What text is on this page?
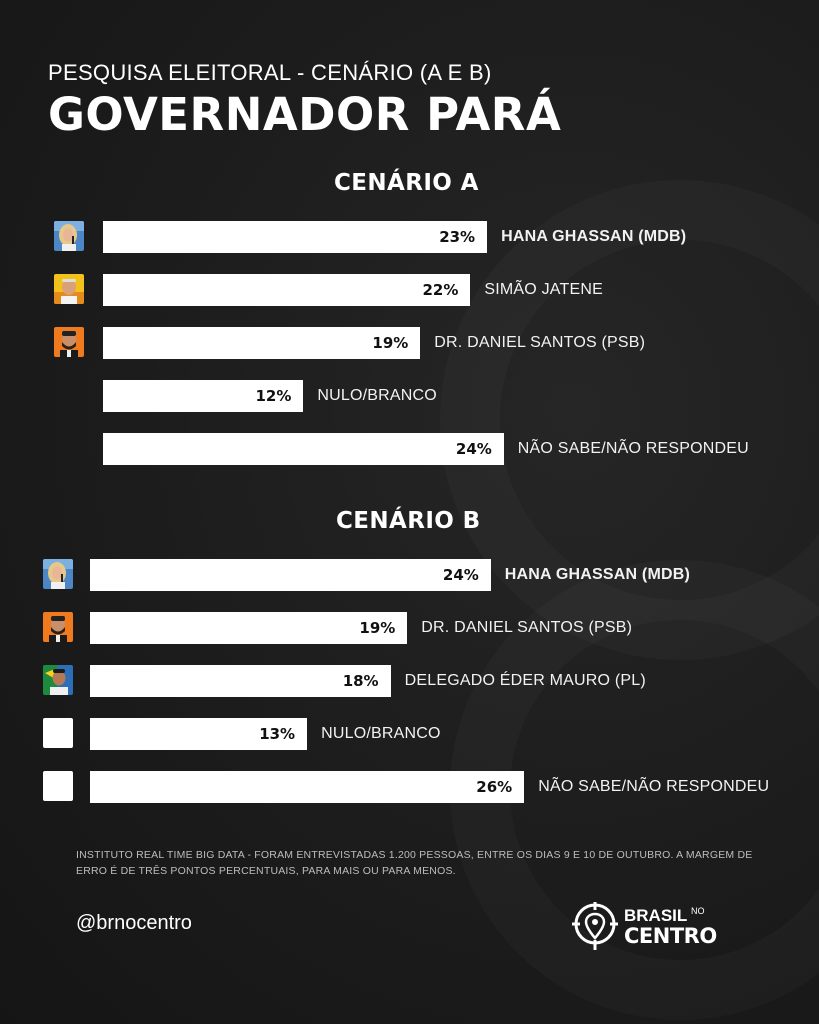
PESQUISA ELEITORAL - CENÁRIO (A E B)
GOVERNADOR PARÁ
CENÁRIO A
23% HANA GHASSAN (MDB)
22% SIMÃO JATENE
19% DR. DANIEL SANTOS (PSB)
12% NULO/BRANCO
24% NÃO SABE/NÃO RESPONDEU
CENÁRIO B
24% HANA GHASSAN (MDB)
19% DR. DANIEL SANTOS (PSB)
18% DELEGADO ÉDER MAURO (PL)
13% NULO/BRANCO
26% NÃO SABE/NÃO RESPONDEU
INSTITUTO REAL TIME BIG DATA - FORAM ENTREVISTADAS 1.200 PESSOAS, ENTRE OS DIAS 9 E 10 DE OUTUBRO. A MARGEM DE ERRO É DE TRÊS PONTOS PERCENTUAIS, PARA MAIS OU PARA MENOS.
@brnocentro	BRASIL NO
CENTRO
